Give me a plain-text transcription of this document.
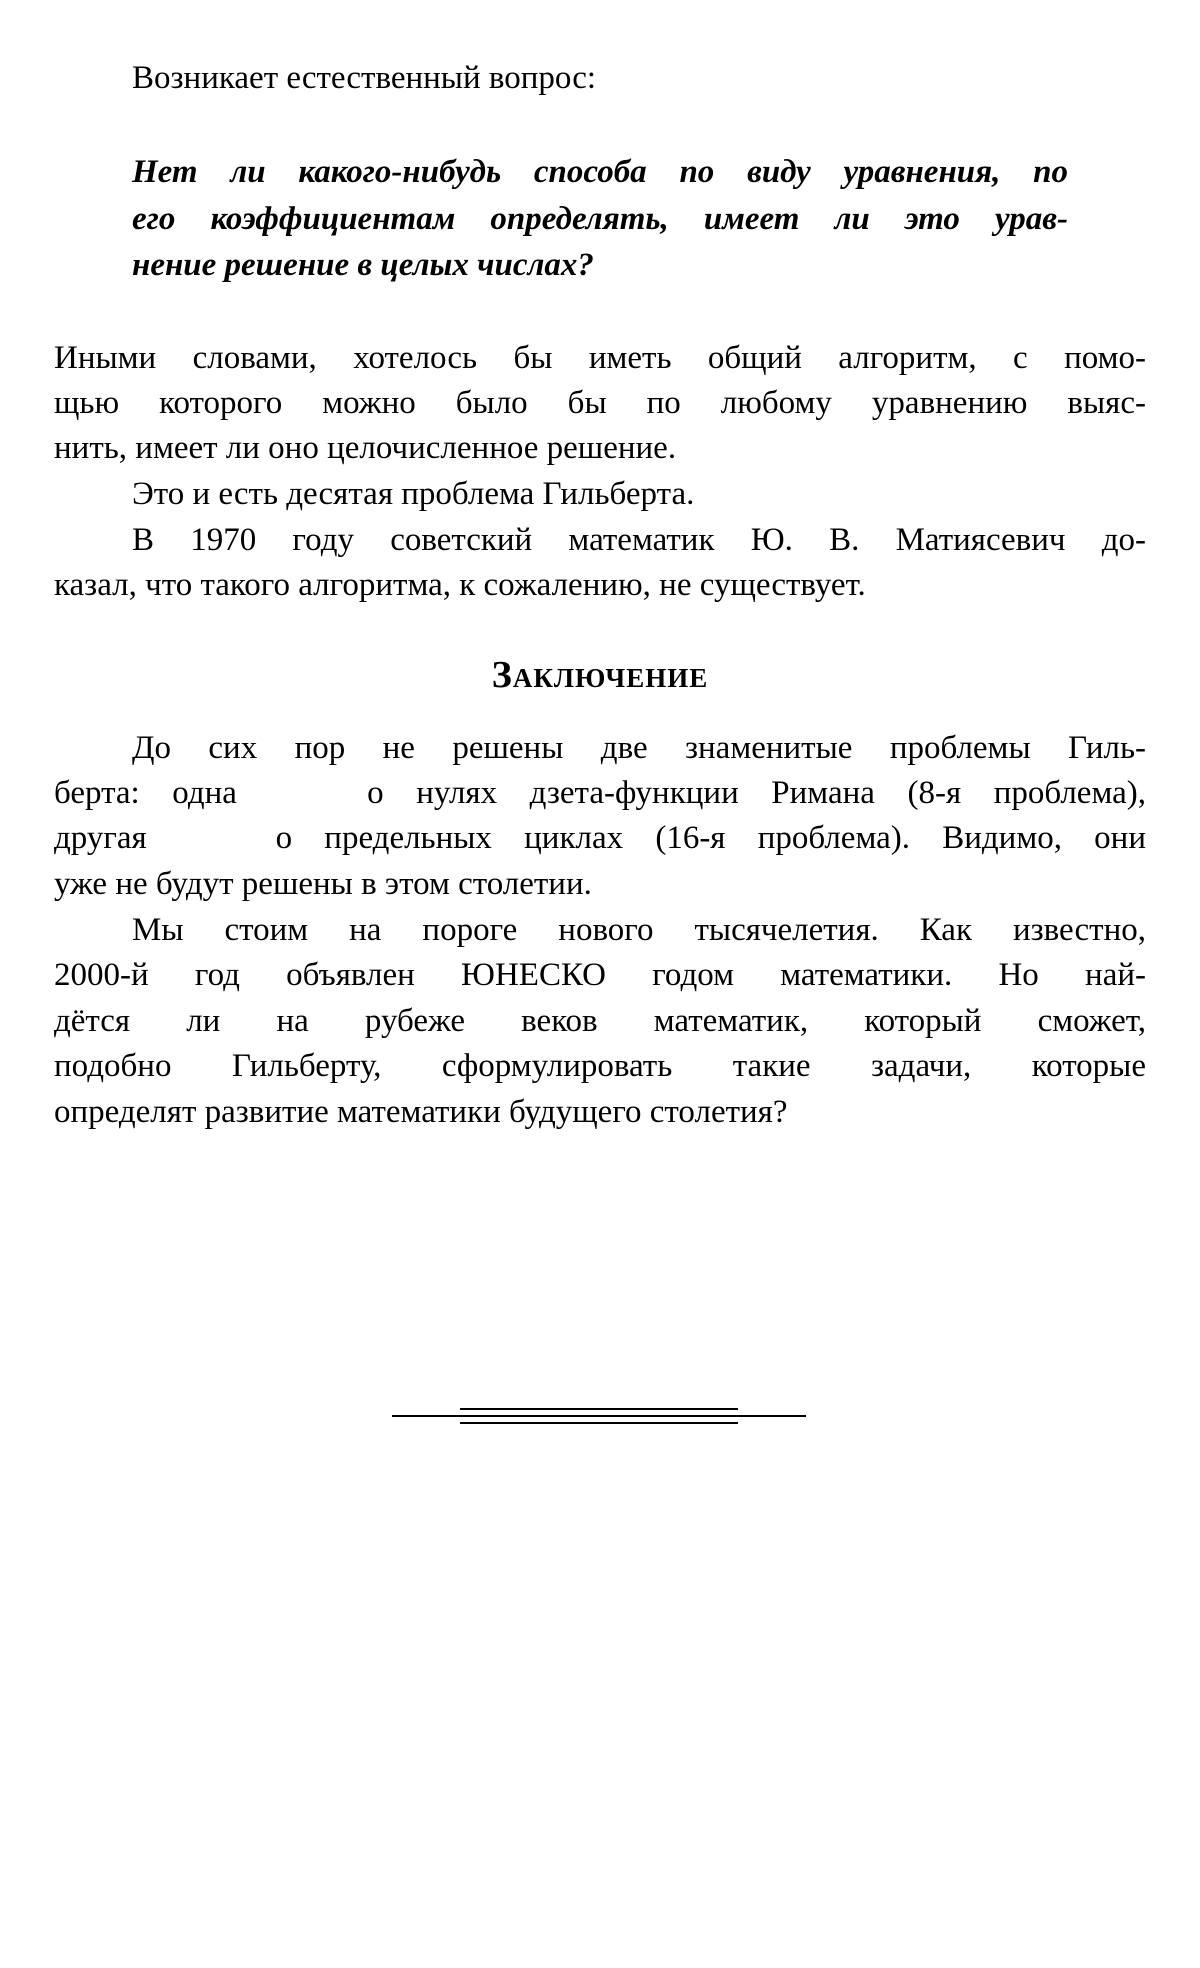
Возникает естественный вопрос:
Нет ли какого-нибудь способа по виду уравнения, по
его коэффициентам определять, имеет ли это урав-
нение решение в целых числах?
Иными словами, хотелось бы иметь общий алгоритм, с помо-
щью которого можно было бы по любому уравнению выяс-
нить, имеет ли оно целочисленное решение.
Это и есть десятая проблема Гильберта.
В 1970 году советский математик Ю. В. Матиясевич до-
казал, что такого алгоритма, к сожалению, не существует.
Заключение
До сих пор не решены две знаменитые проблемы Гиль-
берта: одна    о нулях дзета-функции Римана (8-я проблема),
другая    о предельных циклах (16-я проблема). Видимо, они
уже не будут решены в этом столетии.
Мы стоим на пороге нового тысячелетия. Как известно,
2000-й год объявлен ЮНЕСКО годом математики. Но най-
дётся ли на рубеже веков математик, который сможет,
подобно Гильберту, сформулировать такие задачи, которые
определят развитие математики будущего столетия?
